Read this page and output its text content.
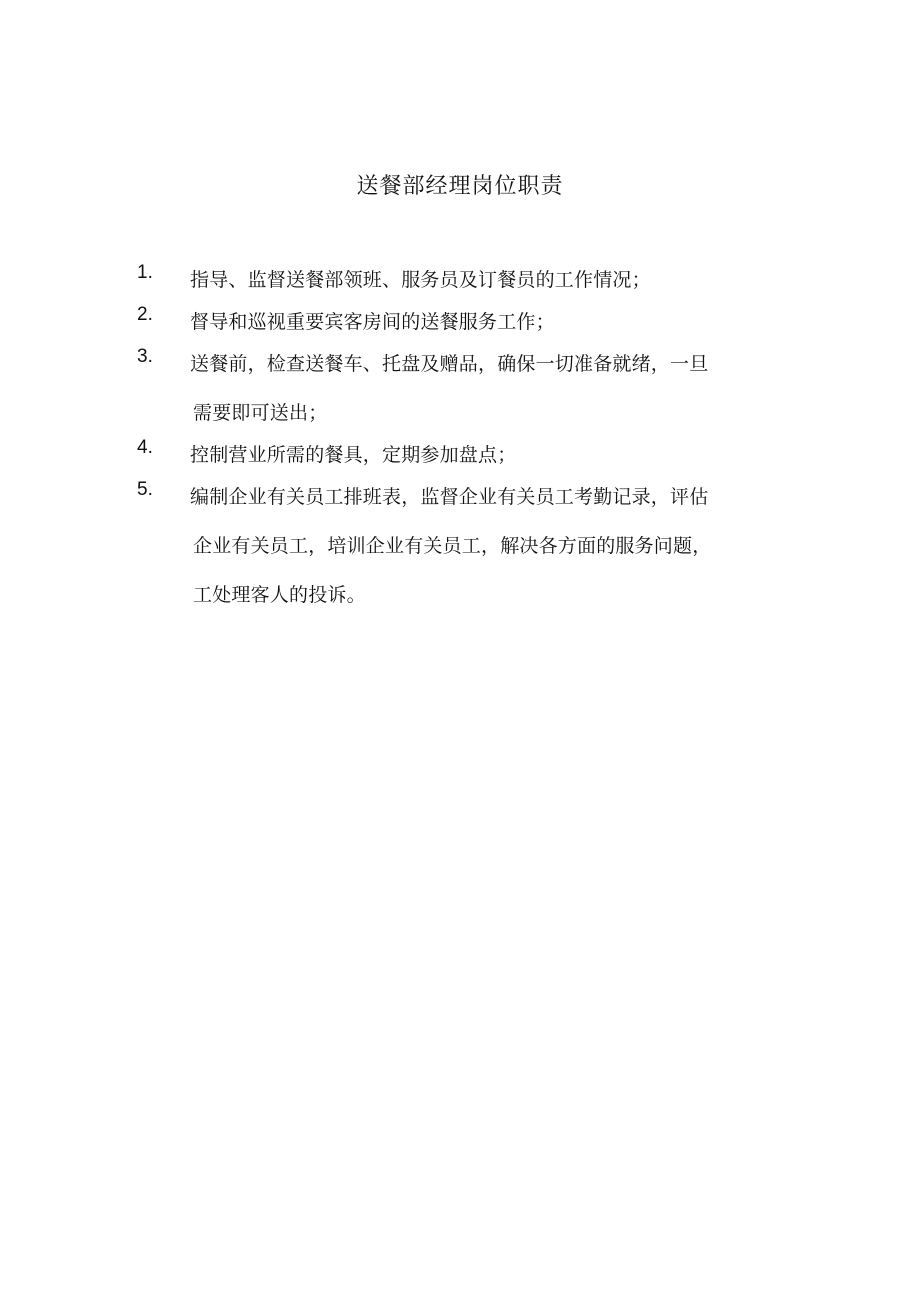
送餐部经理岗位职责
1. 指导、监督送餐部领班、服务员及订餐员的工作情况；
2. 督导和巡视重要宾客房间的送餐服务工作；
3. 送餐前，检查送餐车、托盘及赠品，确保一切准备就绪，一旦
需要即可送出；
4. 控制营业所需的餐具，定期参加盘点；
5. 编制企业有关员工排班表，监督企业有关员工考勤记录，评估
企业有关员工，培训企业有关员工，解决各方面的服务问题，
工处理客人的投诉。
